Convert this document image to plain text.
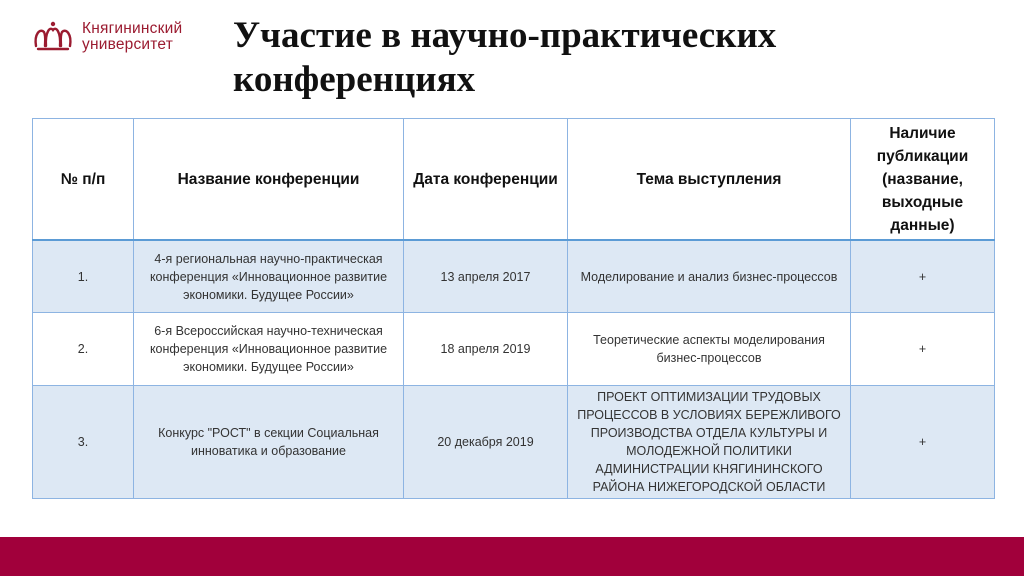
Княгининский
университет Участие в научно-практических конференциях
№ п/п	Название конференции	Дата конференции	Тема выступления	Наличие публикации (название, выходные данные)
1.	4-я региональная научно-практическая конференция «Инновационное развитие экономики. Будущее России»	13 апреля 2017	Моделирование и анализ бизнес-процессов	+
2.	6-я Всероссийская научно-техническая конференция «Инновационное развитие экономики. Будущее России»	18 апреля 2019	Теоретические аспекты моделирования бизнес-процессов	+
3.	Конкурс "РОСТ" в секции Социальная инноватика и образование	20 декабря 2019	ПРОЕКТ ОПТИМИЗАЦИИ ТРУДОВЫХ ПРОЦЕССОВ В УСЛОВИЯХ БЕРЕЖЛИВОГО ПРОИЗВОДСТВА ОТДЕЛА КУЛЬТУРЫ И МОЛОДЕЖНОЙ ПОЛИТИКИ АДМИНИСТРАЦИИ КНЯГИНИНСКОГО РАЙОНА НИЖЕГОРОДСКОЙ ОБЛАСТИ	+
